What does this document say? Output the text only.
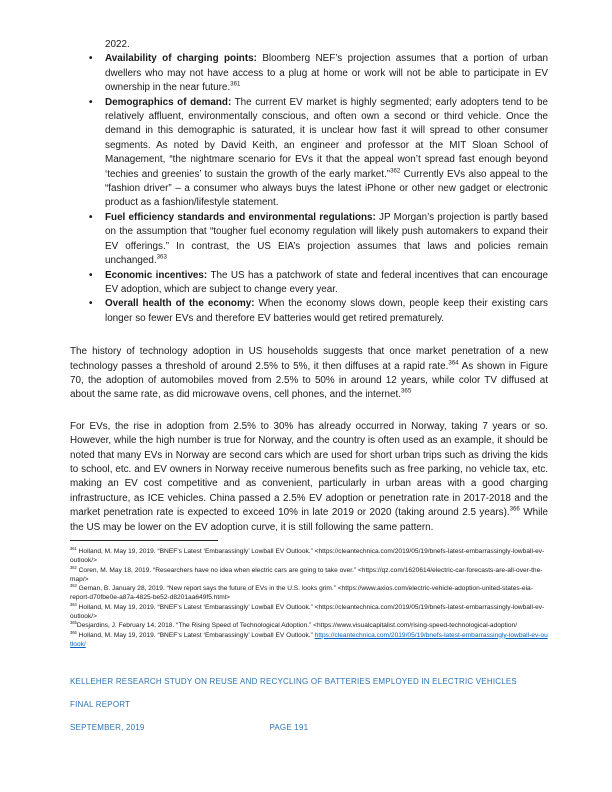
2022.

• Availability of charging points: Bloomberg NEF’s projection assumes that a portion of urban dwellers who may not have access to a plug at home or work will not be able to participate in EV ownership in the near future.$^{361}$
• Demographics of demand: The current EV market is highly segmented; early adopters tend to be relatively affluent, environmentally conscious, and often own a second or third vehicle. Once the demand in this demographic is saturated, it is unclear how fast it will spread to other consumer segments. As noted by David Keith, an engineer and professor at the MIT Sloan School of Management, “the nightmare scenario for EVs it that the appeal won’t spread fast enough beyond ‘techies and greenies’ to sustain the growth of the early market.”$^{362}$ Currently EVs also appeal to the “fashion driver” – a consumer who always buys the latest iPhone or other new gadget or electronic product as a fashion/lifestyle statement.
• Fuel efficiency standards and environmental regulations: JP Morgan’s projection is partly based on the assumption that “tougher fuel economy regulation will likely push automakers to expand their EV offerings.” In contrast, the US EIA’s projection assumes that laws and policies remain unchanged.$^{363}$
• Economic incentives: The US has a patchwork of state and federal incentives that can encourage EV adoption, which are subject to change every year.
• Overall health of the economy: When the economy slows down, people keep their existing cars longer so fewer EVs and therefore EV batteries would get retired prematurely.

The history of technology adoption in US households suggests that once market penetration of a new technology passes a threshold of around 2.5% to 5%, it then diffuses at a rapid rate.$^{364}$ As shown in Figure 70, the adoption of automobiles moved from 2.5% to 50% in around 12 years, while color TV diffused at about the same rate, as did microwave ovens, cell phones, and the internet.$^{365}$

For EVs, the rise in adoption from 2.5% to 30% has already occurred in Norway, taking 7 years or so. However, while the high number is true for Norway, and the country is often used as an example, it should be noted that many EVs in Norway are second cars which are used for short urban trips such as driving the kids to school, etc. and EV owners in Norway receive numerous benefits such as free parking, no vehicle tax, etc. making an EV cost competitive and as convenient, particularly in urban areas with a good charging infrastructure, as ICE vehicles. China passed a 2.5% EV adoption or penetration rate in 2017-2018 and the market penetration rate is expected to exceed 10% in late 2019 or 2020 (taking around 2.5 years).$^{366}$ While the US may be lower on the EV adoption curve, it is still following the same pattern.

$^{361}$ Holland, M. May 19, 2019. “BNEF’s Latest ‘Embarassingly’ Lowball EV Outlook.” <https://cleantechnica.com/2019/05/19/bnefs-latest-embarrassingly-lowball-ev-outlook/>
$^{362}$ Coren, M. May 18, 2019. “Researchers have no idea when electric cars are going to take over.” <https://qz.com/1620614/electric-car-forecasts-are-all-over-the-map/>
$^{363}$ Geman, B. January 28, 2019. “New report says the future of EVs in the U.S. looks grim.” <https://www.axios.com/electric-vehicle-adoption-united-states-eia-report-d70fbe0e-a87a-4825-be52-d8201aa649f5.html>
$^{364}$ Holland, M. May 19, 2019. “BNEF’s Latest ‘Embarassingly’ Lowball EV Outlook.” <https://cleantechnica.com/2019/05/19/bnefs-latest-embarrassingly-lowball-ev-outlook/>
$^{365}$Desjardins, J. February 14, 2018. “The Rising Speed of Technological Adoption.” <https://www.visualcapitalist.com/rising-speed-technological-adoption/
$^{366}$ Holland, M. May 19, 2019. “BNEF’s Latest ‘Embarassingly’ Lowball EV Outlook.” https://cleantechnica.com/2019/05/19/bnefs-latest-embarrassingly-lowball-ev-outlook/
KELLEHER RESEARCH STUDY ON REUSE AND RECYCLING OF BATTERIES EMPLOYED IN ELECTRIC VEHICLES
FINAL REPORT
SEPTEMBER, 2019	PAGE 191
